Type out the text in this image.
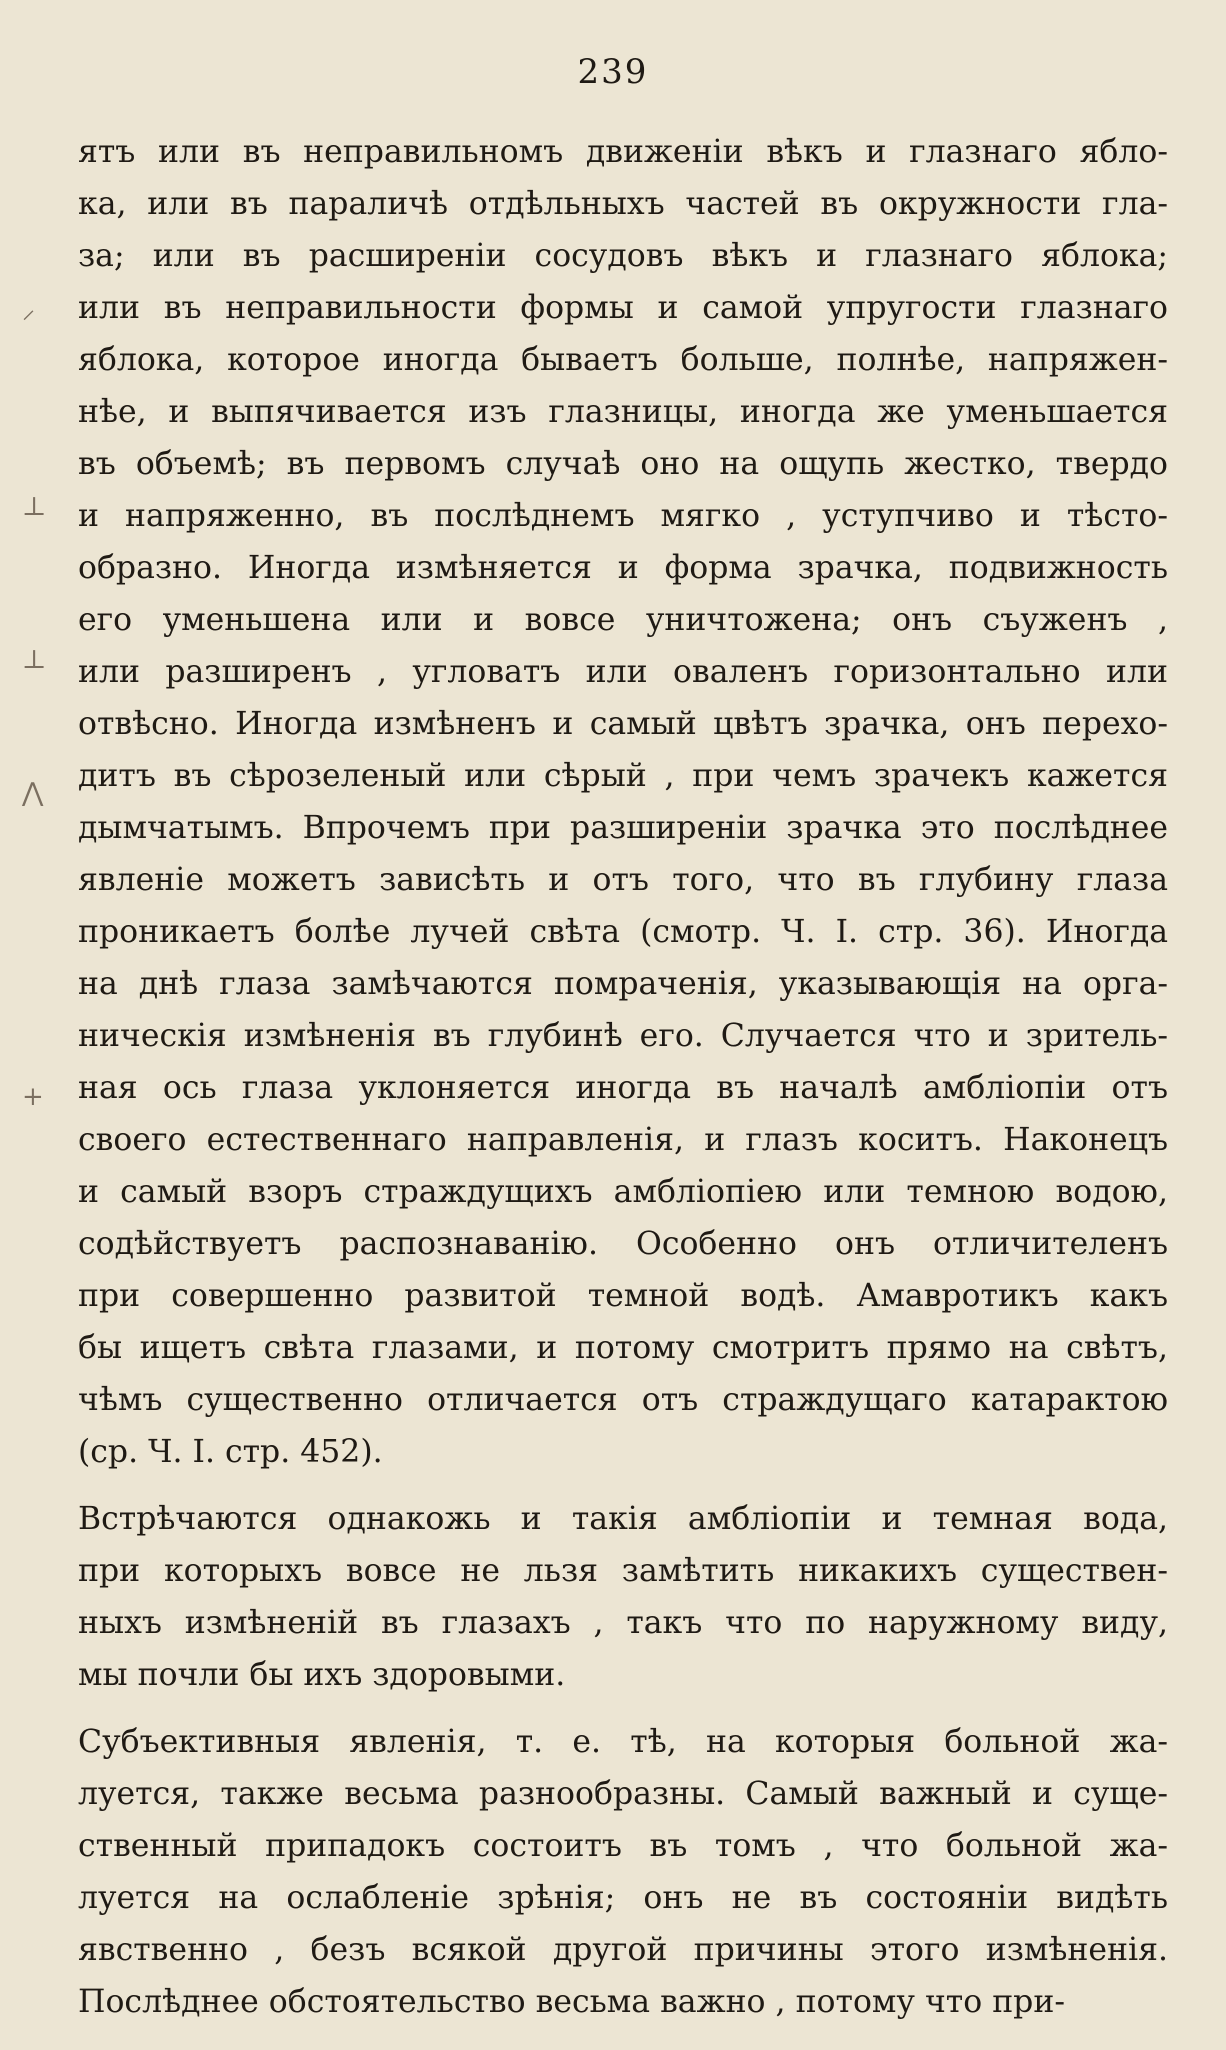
239
⸝
⊥
⊥
⋀
+
ятъ или въ неправильномъ движеніи вѣкъ и глазнаго ябло-
ка, или въ параличѣ отдѣльныхъ частей въ окружности гла-
за; или въ расширеніи сосудовъ вѣкъ и глазнаго яблока;
или въ неправильности формы и самой упругости глазнаго
яблока, которое иногда бываетъ больше, полнѣе, напряжен-
нѣе, и выпячивается изъ глазницы, иногда же уменьшается
въ объемѣ; въ первомъ случаѣ оно на ощупь жестко, твердо
и напряженно, въ послѣднемъ мягко , уступчиво и тѣсто-
образно. Иногда измѣняется и форма зрачка, подвижность
его уменьшена или и вовсе уничтожена; онъ съуженъ ,
или разширенъ , угловатъ или оваленъ горизонтально или
отвѣсно. Иногда измѣненъ и самый цвѣтъ зрачка, онъ перехо-
дитъ въ сѣрозеленый или сѣрый , при чемъ зрачекъ кажется
дымчатымъ. Впрочемъ при разширеніи зрачка это послѣднее
явленіе можетъ зависѣть и отъ того, что въ глубину глаза
проникаетъ болѣе лучей свѣта (смотр. Ч. I. стр. 36). Иногда
на днѣ глаза замѣчаются помраченія, указывающія на орга-
ническія измѣненія въ глубинѣ его. Случается что и зритель-
ная ось глаза уклоняется иногда въ началѣ амбліопіи отъ
своего естественнаго направленія, и глазъ коситъ. Наконецъ
и самый взоръ страждущихъ амбліопіею или темною водою,
содѣйствуетъ распознаванію. Особенно онъ отличителенъ
при совершенно развитой темной водѣ. Амавротикъ какъ
бы ищетъ свѣта глазами, и потому смотритъ прямо на свѣтъ,
чѣмъ существенно отличается отъ страждущаго катарактою
(ср. Ч. I. стр. 452).
Встрѣчаются однакожь и такія амбліопіи и темная вода,
при которыхъ вовсе не льзя замѣтить никакихъ существен-
ныхъ измѣненій въ глазахъ , такъ что по наружному виду,
мы почли бы ихъ здоровыми.
Субъективныя явленія, т. е. тѣ, на которыя больной жа-
луется, также весьма разнообразны. Самый важный и суще-
ственный припадокъ состоитъ въ томъ , что больной жа-
луется на ослабленіе зрѣнія; онъ не въ состояніи видѣть
явственно , безъ всякой другой причины этого измѣненія.
Послѣднее обстоятельство весьма важно , потому что при-
